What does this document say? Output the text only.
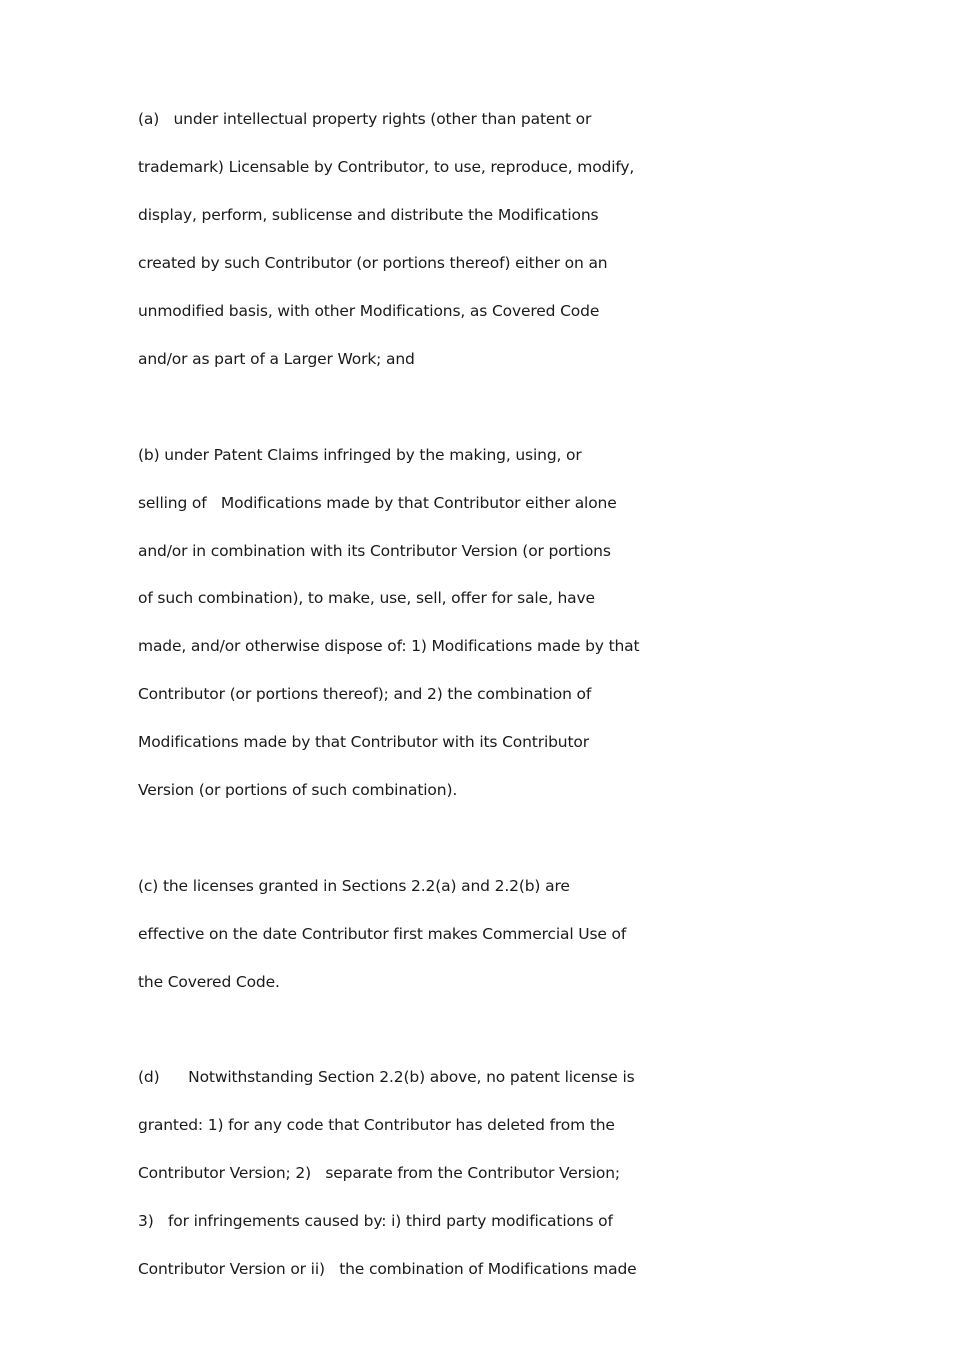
(a)   under intellectual property rights (other than patent or
trademark) Licensable by Contributor, to use, reproduce, modify,
display, perform, sublicense and distribute the Modifications
created by such Contributor (or portions thereof) either on an
unmodified basis, with other Modifications, as Covered Code
and/or as part of a Larger Work; and
(b) under Patent Claims infringed by the making, using, or
selling of   Modifications made by that Contributor either alone
and/or in combination with its Contributor Version (or portions
of such combination), to make, use, sell, offer for sale, have
made, and/or otherwise dispose of: 1) Modifications made by that
Contributor (or portions thereof); and 2) the combination of
Modifications made by that Contributor with its Contributor
Version (or portions of such combination).
(c) the licenses granted in Sections 2.2(a) and 2.2(b) are
effective on the date Contributor first makes Commercial Use of
the Covered Code.
(d)      Notwithstanding Section 2.2(b) above, no patent license is
granted: 1) for any code that Contributor has deleted from the
Contributor Version; 2)   separate from the Contributor Version;
3)   for infringements caused by: i) third party modifications of
Contributor Version or ii)   the combination of Modifications made
